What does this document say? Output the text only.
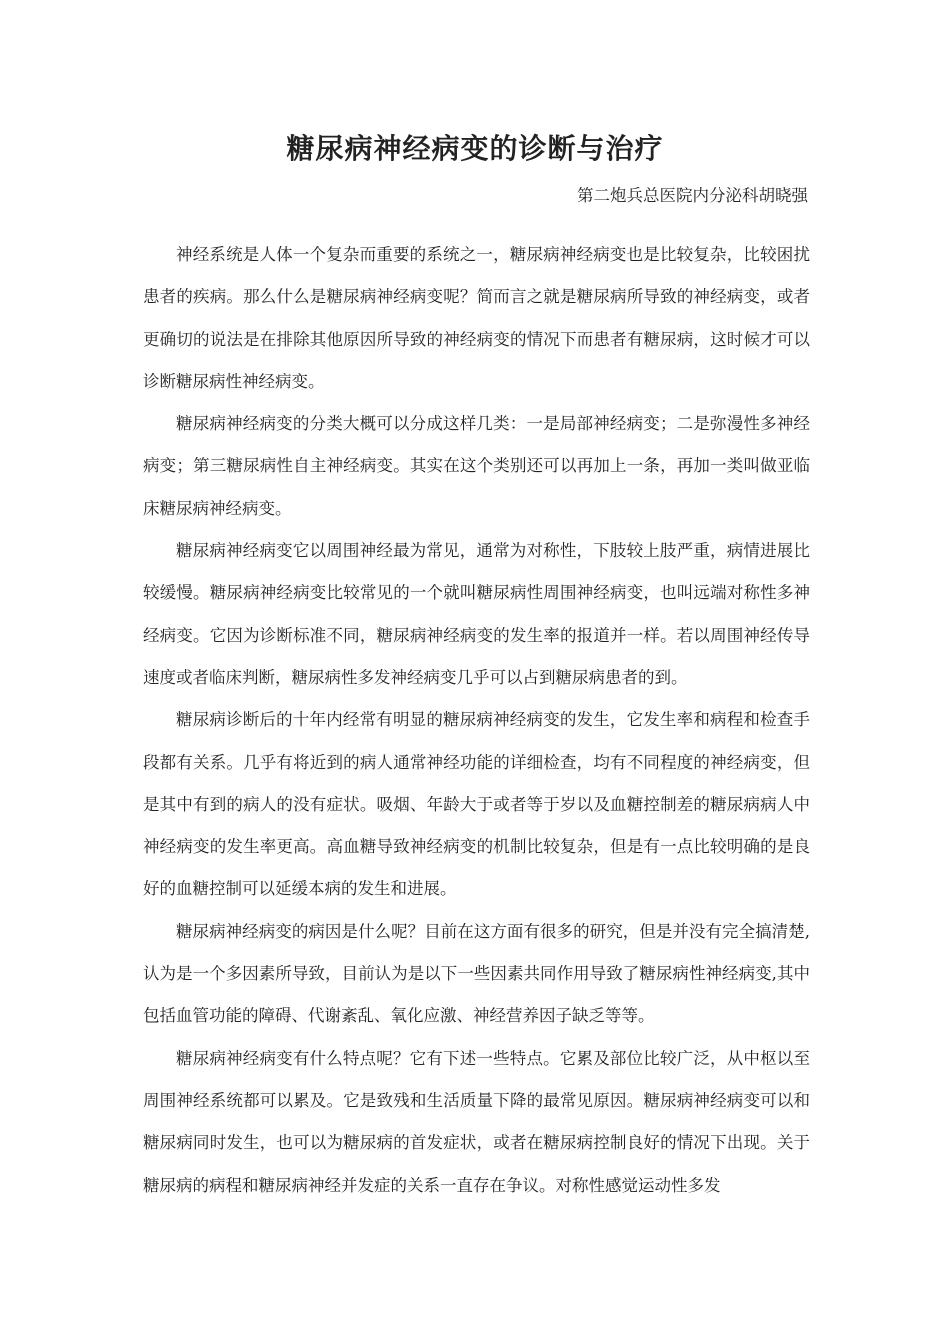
糖尿病神经病变的诊断与治疗
第二炮兵总医院内分泌科胡晓强

神经系统是人体一个复杂而重要的系统之一，糖尿病神经病变也是比较复杂，比较困扰患者的疾病。那么什么是糖尿病神经病变呢？简而言之就是糖尿病所导致的神经病变，或者更确切的说法是在排除其他原因所导致的神经病变的情况下而患者有糖尿病，这时候才可以诊断糖尿病性神经病变。

糖尿病神经病变的分类大概可以分成这样几类：一是局部神经病变；二是弥漫性多神经病变；第三糖尿病性自主神经病变。其实在这个类别还可以再加上一条，再加一类叫做亚临床糖尿病神经病变。

糖尿病神经病变它以周围神经最为常见，通常为对称性，下肢较上肢严重，病情进展比较缓慢。糖尿病神经病变比较常见的一个就叫糖尿病性周围神经病变，也叫远端对称性多神经病变。它因为诊断标准不同，糖尿病神经病变的发生率的报道并一样。若以周围神经传导速度或者临床判断，糖尿病性多发神经病变几乎可以占到糖尿病患者的到。

糖尿病诊断后的十年内经常有明显的糖尿病神经病变的发生，它发生率和病程和检查手段都有关系。几乎有将近到的病人通常神经功能的详细检查，均有不同程度的神经病变，但是其中有到的病人的没有症状。吸烟、年龄大于或者等于岁以及血糖控制差的糖尿病病人中神经病变的发生率更高。高血糖导致神经病变的机制比较复杂，但是有一点比较明确的是良好的血糖控制可以延缓本病的发生和进展。

糖尿病神经病变的病因是什么呢？目前在这方面有很多的研究，但是并没有完全搞清楚,认为是一个多因素所导致，目前认为是以下一些因素共同作用导致了糖尿病性神经病变,其中包括血管功能的障碍、代谢紊乱、氧化应激、神经营养因子缺乏等等。

糖尿病神经病变有什么特点呢？它有下述一些特点。它累及部位比较广泛，从中枢以至周围神经系统都可以累及。它是致残和生活质量下降的最常见原因。糖尿病神经病变可以和糖尿病同时发生，也可以为糖尿病的首发症状，或者在糖尿病控制良好的情况下出现。关于糖尿病的病程和糖尿病神经并发症的关系一直存在争议。对称性感觉运动性多发
